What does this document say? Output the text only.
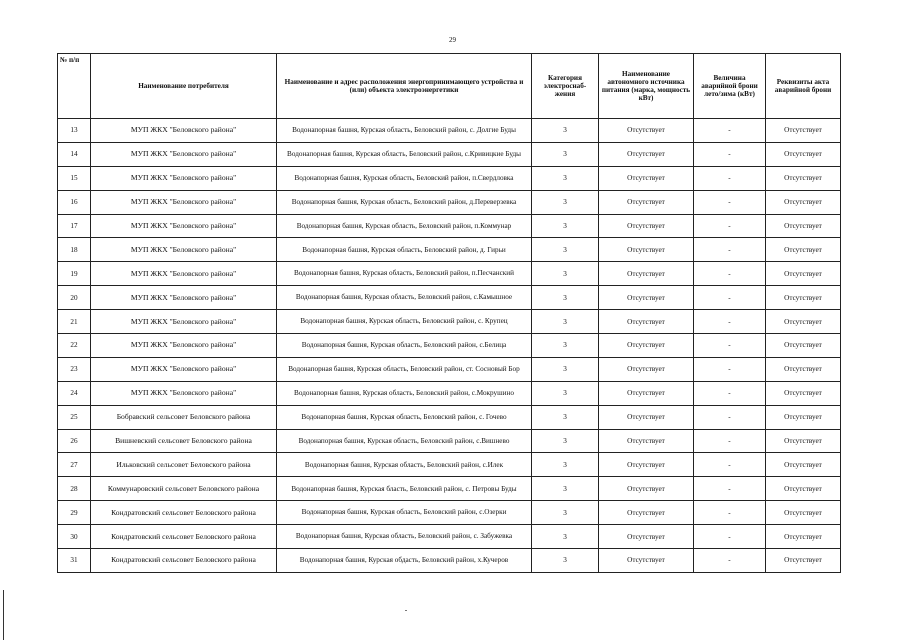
29
№ п/п	Наименование потребителя	Наименование и адрес расположения энергопринимающего устройства и (или) объекта электроэнергетики	Категория электроснаб-жения	Наименование автономного источника питания (марка, мощность кВт)	Величина аварийной брони лето/зима (кВт)	Реквизиты акта аварийной брони
13	МУП ЖКХ "Беловского района"	Водонапорная башня, Курская область, Беловский район, с. Долгие Буды	3	Отсутствует	-	Отсутствует
14	МУП ЖКХ "Беловского района"	Водонапорная башня, Курская область, Беловский район, с.Кривицкие Буды	3	Отсутствует	-	Отсутствует
15	МУП ЖКХ "Беловского района"	Водонапорная башня, Курская область, Беловский район, п.Свердловка	3	Отсутствует	-	Отсутствует
16	МУП ЖКХ "Беловского района"	Водонапорная башня, Курская область, Беловский район, д.Переверзевка	3	Отсутствует	-	Отсутствует
17	МУП ЖКХ "Беловского района"	Водонапорная башня, Курская область, Беловский район, п.Коммунар	3	Отсутствует	-	Отсутствует
18	МУП ЖКХ "Беловского района"	Водонапорная башня, Курская область, Беловский район, д. Гирьи	3	Отсутствует	-	Отсутствует
19	МУП ЖКХ "Беловского района"	Водонапорная башня, Курская область, Беловский район, п.Песчанский	3	Отсутствует	-	Отсутствует
20	МУП ЖКХ "Беловского района"	Водонапорная башня, Курская область, Беловский район, с.Камышное	3	Отсутствует	-	Отсутствует
21	МУП ЖКХ "Беловского района"	Водонапорная башня, Курская область, Беловский район, с. Крупец	3	Отсутствует	-	Отсутствует
22	МУП ЖКХ "Беловского района"	Водонапорная башня, Курская область, Беловский район, с.Белица	3	Отсутствует	-	Отсутствует
23	МУП ЖКХ "Беловского района"	Водонапорная башня, Курская область, Беловский район, ст. Сосновый Бор	3	Отсутствует	-	Отсутствует
24	МУП ЖКХ "Беловского района"	Водонапорная башня, Курская область, Беловский район, с.Мокрушино	3	Отсутствует	-	Отсутствует
25	Бобравский сельсовет Беловского района	Водонапорная башня, Курская область, Беловский район, с. Гочево	3	Отсутствует	-	Отсутствует
26	Вишневский сельсовет Беловского района	Водонапорная башня, Курская область, Беловский район, с.Вишнево	3	Отсутствует	-	Отсутствует
27	Ильковский сельсовет Беловского района	Водонапорная башня, Курская область, Беловский район, с.Илек	3	Отсутствует	-	Отсутствует
28	Коммунаровский сельсовет Беловского района	Водонапорная башня, Курская бласть, Беловский район, с. Петровы Буды	3	Отсутствует	-	Отсутствует
29	Кондратовский сельсовет Беловского района	Водонапорная башня, Курская область, Беловский район, с.Озерки	3	Отсутствует	-	Отсутствует
30	Кондратовский сельсовет Беловского района	Водонапорная башня, Курская область, Беловский район, с. Забужевка	3	Отсутствует	-	Отсутствует
31	Кондратовский сельсовет Беловского района	Водонапорная башня, Курская обдасть, Беловский район, х.Кучеров	3	Отсутствует	-	Отсутствует
